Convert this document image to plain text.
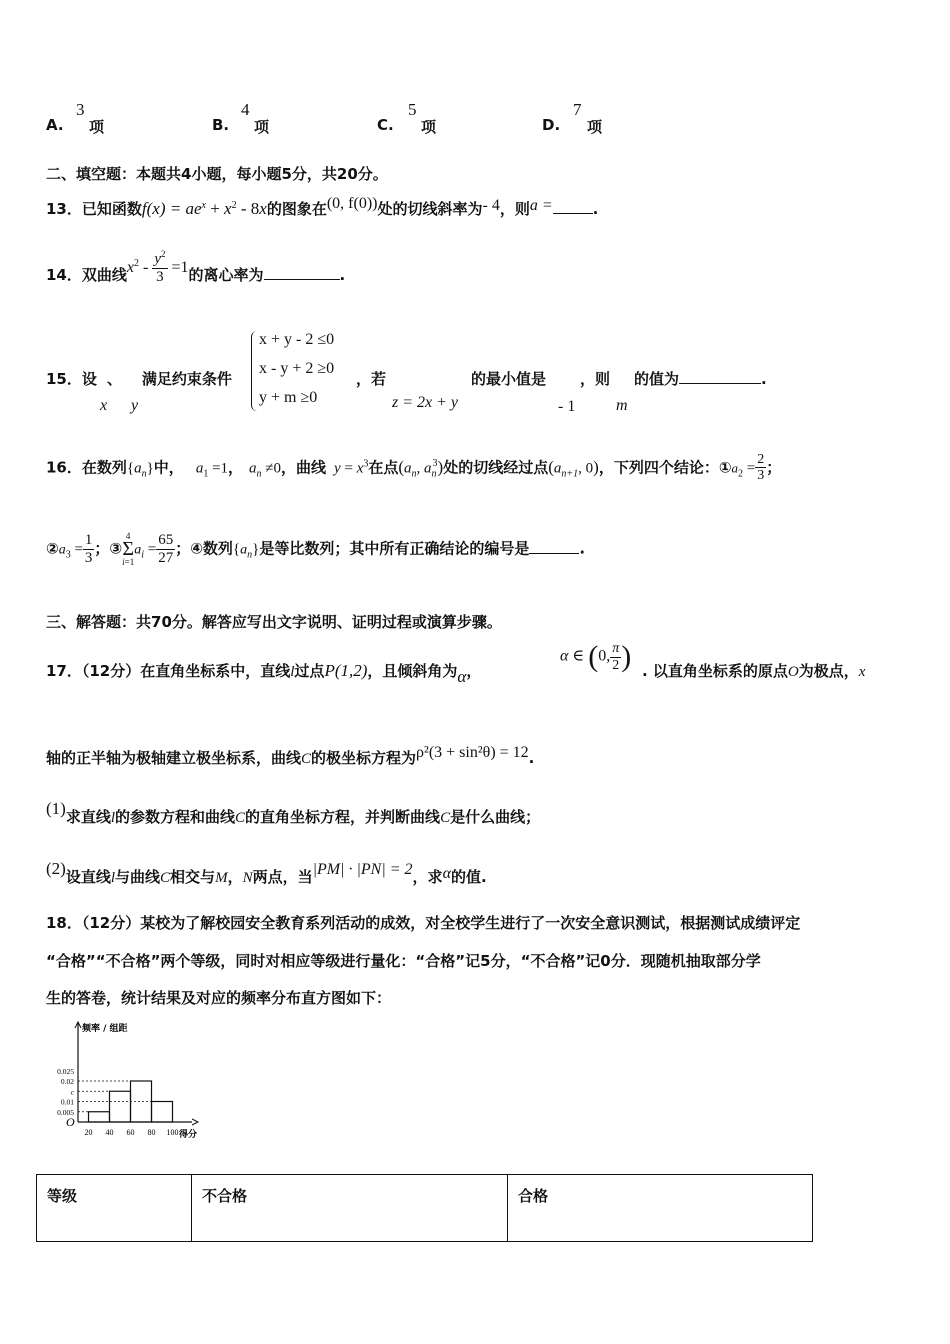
A.
3
项	B.
4
项	C.
5
项	D.
7
项
二、填空题：本题共4小题，每小题5分，共20分。
13．已知函数$f(x) = ae^x + x^2 - 8x$的图象在(0, f(0))处的切线斜率为- 4，则a =	.
14．双曲线$x^2 - \frac{y^2}{3} =1$的离心率为	.
15．设 、 满足约束条件
x + y - 2 ≤0
x - y + 2 ≥0
y + m ≥0
，若	的最小值是 ，则 的值为	.
x y	z = 2x + y	- 1	m
16．在数列$\{a_n\}$中， $a_1 =1$， $a_n \ne 0$，曲线 $y = x^3$在点($a_n$, $a_n^3$)处的切线经过点($a_{n+1}$, 0)，下列四个结论：$①a_2 = \frac{2}{3}$ ；
$②a_3 = \frac{1}{3}$ ；③
4
Σ
i=1
$a_i = \frac{65}{27}$ ；④数列$\{a_n\}$是等比数列；其中所有正确结论的编号是	.
三、解答题：共70分。解答应写出文字说明、证明过程或演算步骤。
17．（12分）在直角坐标系中，直线l过点P(1,2)，且倾斜角为α，
α ∈ (0, $\frac{\pi}{2}$ ) . 以直角坐标系的原点O为极点，x
轴的正半轴为极轴建立极坐标系，曲线C的极坐标方程为ρ²(3 + sin²θ) = 12.
(1)求直线l的参数方程和曲线C的直角坐标方程，并判断曲线C是什么曲线；
(2)设直线l与曲线C相交与M，N两点，当|PM| · |PN| = 2，求α的值.
18．（12分）某校为了解校园安全教育系列活动的成效，对全校学生进行了一次安全意识测试，根据测试成绩评定
“合格”“不合格”两个等级，同时对相应等级进行量化：“合格”记5分，“不合格”记0分．现随机抽取部分学
生的答卷，统计结果及对应的频率分布直方图如下：
频率 / 组距
得分
O
0.025
0.02
c
0.01
0.005
20 40 60 80 100
等级	不合格	合格
